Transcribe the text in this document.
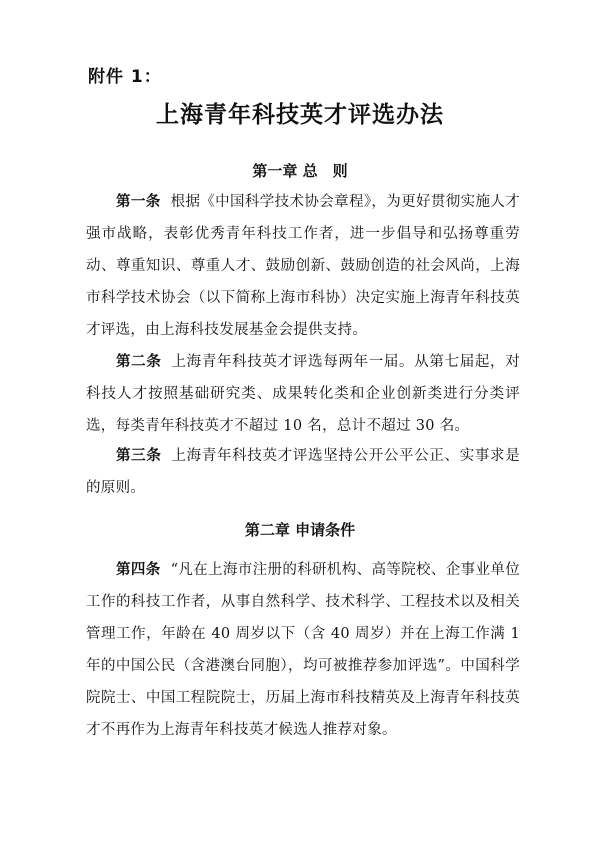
附件 1：
上海青年科技英才评选办法
第一章 总　则
第一条 根据《中国科学技术协会章程》，为更好贯彻实施人才强市战略，表彰优秀青年科技工作者，进一步倡导和弘扬尊重劳动、尊重知识、尊重人才、鼓励创新、鼓励创造的社会风尚，上海市科学技术协会（以下简称上海市科协）决定实施上海青年科技英才评选，由上海科技发展基金会提供支持。
第二条 上海青年科技英才评选每两年一届。从第七届起，对科技人才按照基础研究类、成果转化类和企业创新类进行分类评选，每类青年科技英才不超过 10 名，总计不超过 30 名。
第三条 上海青年科技英才评选坚持公开公平公正、实事求是的原则。
第二章 申请条件
第四条 “凡在上海市注册的科研机构、高等院校、企事业单位工作的科技工作者，从事自然科学、技术科学、工程技术以及相关管理工作，年龄在 40 周岁以下（含 40 周岁）并在上海工作满 1 年的中国公民（含港澳台同胞），均可被推荐参加评选”。中国科学院院士、中国工程院院士，历届上海市科技精英及上海青年科技英才不再作为上海青年科技英才候选人推荐对象。
